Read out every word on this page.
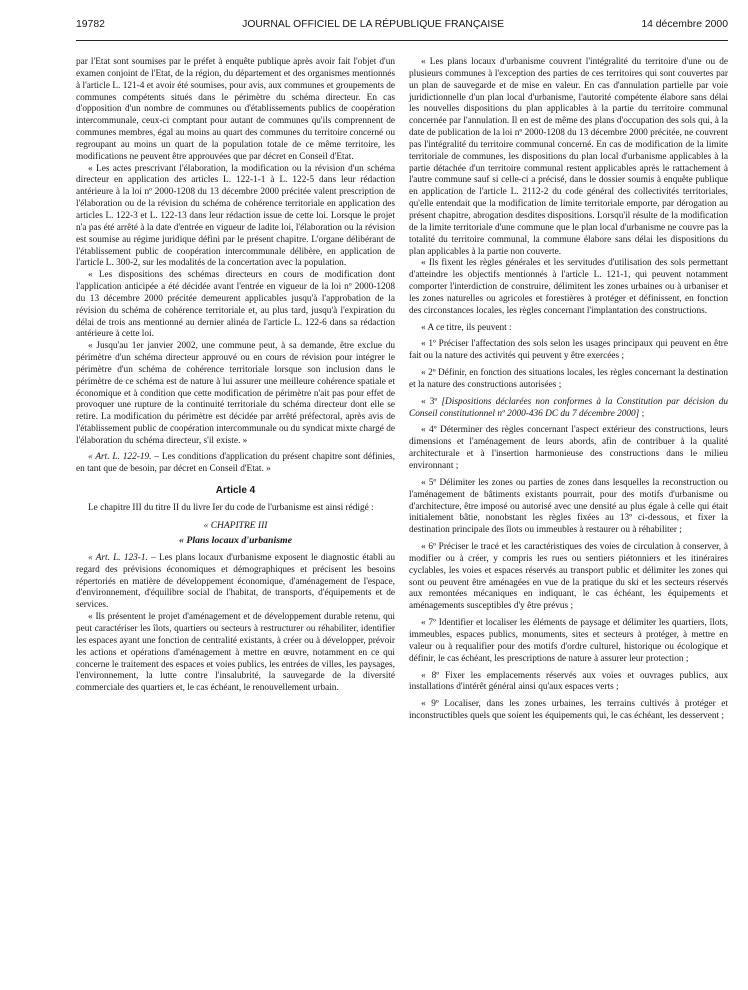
19782	JOURNAL OFFICIEL DE LA RÉPUBLIQUE FRANÇAISE	14 décembre 2000

par l'Etat sont soumises par le préfet à enquête publique après avoir fait l'objet d'un examen conjoint de l'Etat, de la région, du département et des organismes mentionnés à l'article L. 121-4 et avoir été soumises, pour avis, aux communes et groupements de communes compétents situés dans le périmètre du schéma directeur. En cas d'opposition d'un nombre de communes ou d'établissements publics de coopération intercommunale, ceux-ci comptant pour autant de communes qu'ils comprennent de communes membres, égal au moins au quart des communes du territoire concerné ou regroupant au moins un quart de la population totale de ce même territoire, les modifications ne peuvent être approuvées que par décret en Conseil d'Etat.

« Les actes prescrivant l'élaboration, la modification ou la révision d'un schéma directeur en application des articles L. 122-1-1 à L. 122-5 dans leur rédaction antérieure à la loi nº 2000-1208 du 13 décembre 2000 précitée valent prescription de l'élaboration ou de la révision du schéma de cohérence territoriale en application des articles L. 122-3 et L. 122-13 dans leur rédaction issue de cette loi. Lorsque le projet n'a pas été arrêté à la date d'entrée en vigueur de ladite loi, l'élaboration ou la révision est soumise au régime juridique défini par le présent chapitre. L'organe délibérant de l'établissement public de coopération intercommunale délibère, en application de l'article L. 300-2, sur les modalités de la concertation avec la population.

« Les dispositions des schémas directeurs en cours de modification dont l'application anticipée a été décidée avant l'entrée en vigueur de la loi nº 2000-1208 du 13 décembre 2000 précitée demeurent applicables jusqu'à l'approbation de la révision du schéma de cohérence territoriale et, au plus tard, jusqu'à l'expiration du délai de trois ans mentionné au dernier alinéa de l'article L. 122-6 dans sa rédaction antérieure à cette loi.

« Jusqu'au 1er janvier 2002, une commune peut, à sa demande, être exclue du périmètre d'un schéma directeur approuvé ou en cours de révision pour intégrer le périmètre d'un schéma de cohérence territoriale lorsque son inclusion dans le périmètre de ce schéma est de nature à lui assurer une meilleure cohérence spatiale et économique et à condition que cette modification de périmètre n'ait pas pour effet de provoquer une rupture de la continuité territoriale du schéma directeur dont elle se retire. La modification du périmètre est décidée par arrêté préfectoral, après avis de l'établissement public de coopération intercommunale ou du syndicat mixte chargé de l'élaboration du schéma directeur, s'il existe. »

« Art. L. 122-19. – Les conditions d'application du présent chapitre sont définies, en tant que de besoin, par décret en Conseil d'Etat. »

Article 4

Le chapitre III du titre II du livre Ier du code de l'urbanisme est ainsi rédigé :

« CHAPITRE III
« Plans locaux d'urbanisme

« Art. L. 123-1. – Les plans locaux d'urbanisme exposent le diagnostic établi au regard des prévisions économiques et démographiques et précisent les besoins répertoriés en matière de développement économique, d'aménagement de l'espace, d'environnement, d'équilibre social de l'habitat, de transports, d'équipements et de services.

« Ils présentent le projet d'aménagement et de développement durable retenu, qui peut caractériser les îlots, quartiers ou secteurs à restructurer ou réhabiliter, identifier les espaces ayant une fonction de centralité existants, à créer ou à développer, prévoir les actions et opérations d'aménagement à mettre en œuvre, notamment en ce qui concerne le traitement des espaces et voies publics, les entrées de villes, les paysages, l'environnement, la lutte contre l'insalubrité, la sauvegarde de la diversité commerciale des quartiers et, le cas échéant, le renouvellement urbain.

« Les plans locaux d'urbanisme couvrent l'intégralité du territoire d'une ou de plusieurs communes à l'exception des parties de ces territoires qui sont couvertes par un plan de sauvegarde et de mise en valeur. En cas d'annulation partielle par voie juridictionnelle d'un plan local d'urbanisme, l'autorité compétente élabore sans délai les nouvelles dispositions du plan applicables à la partie du territoire communal concernée par l'annulation. Il en est de même des plans d'occupation des sols qui, à la date de publication de la loi nº 2000-1208 du 13 décembre 2000 précitée, ne couvrent pas l'intégralité du territoire communal concerné. En cas de modification de la limite territoriale de communes, les dispositions du plan local d'urbanisme applicables à la partie détachée d'un territoire communal restent applicables après le rattachement à l'autre commune sauf si celle-ci a précisé, dans le dossier soumis à enquête publique en application de l'article L. 2112-2 du code général des collectivités territoriales, qu'elle entendait que la modification de limite territoriale emporte, par dérogation au présent chapitre, abrogation desdites dispositions. Lorsqu'il résulte de la modification de la limite territoriale d'une commune que le plan local d'urbanisme ne couvre pas la totalité du territoire communal, la commune élabore sans délai les dispositions du plan applicables à la partie non couverte.

« Ils fixent les règles générales et les servitudes d'utilisation des sols permettant d'atteindre les objectifs mentionnés à l'article L. 121-1, qui peuvent notamment comporter l'interdiction de construire, délimitent les zones urbaines ou à urbaniser et les zones naturelles ou agricoles et forestières à protéger et définissent, en fonction des circonstances locales, les règles concernant l'implantation des constructions.

« A ce titre, ils peuvent :

« 1º Préciser l'affectation des sols selon les usages principaux qui peuvent en être fait ou la nature des activités qui peuvent y être exercées ;

« 2º Définir, en fonction des situations locales, les règles concernant la destination et la nature des constructions autorisées ;

« 3º [Dispositions déclarées non conformes à la Constitution par décision du Conseil constitutionnel nº 2000-436 DC du 7 décembre 2000] ;

« 4º Déterminer des règles concernant l'aspect extérieur des constructions, leurs dimensions et l'aménagement de leurs abords, afin de contribuer à la qualité architecturale et à l'insertion harmonieuse des constructions dans le milieu environnant ;

« 5º Délimiter les zones ou parties de zones dans lesquelles la reconstruction ou l'aménagement de bâtiments existants pourrait, pour des motifs d'urbanisme ou d'architecture, être imposé ou autorisé avec une densité au plus égale à celle qui était initialement bâtie, nonobstant les règles fixées au 13º ci-dessous, et fixer la destination principale des îlots ou immeubles à restaurer ou à réhabiliter ;

« 6º Préciser le tracé et les caractéristiques des voies de circulation à conserver, à modifier ou à créer, y compris les rues ou sentiers piétonniers et les itinéraires cyclables, les voies et espaces réservés au transport public et délimiter les zones qui sont ou peuvent être aménagées en vue de la pratique du ski et les secteurs réservés aux remontées mécaniques en indiquant, le cas échéant, les équipements et aménagements susceptibles d'y être prévus ;

« 7º Identifier et localiser les éléments de paysage et délimiter les quartiers, îlots, immeubles, espaces publics, monuments, sites et secteurs à protéger, à mettre en valeur ou à requalifier pour des motifs d'ordre culturel, historique ou écologique et définir, le cas échéant, les prescriptions de nature à assurer leur protection ;

« 8º Fixer les emplacements réservés aux voies et ouvrages publics, aux installations d'intérêt général ainsi qu'aux espaces verts ;

« 9º Localiser, dans les zones urbaines, les terrains cultivés à protéger et inconstructibles quels que soient les équipements qui, le cas échéant, les desservent ;
